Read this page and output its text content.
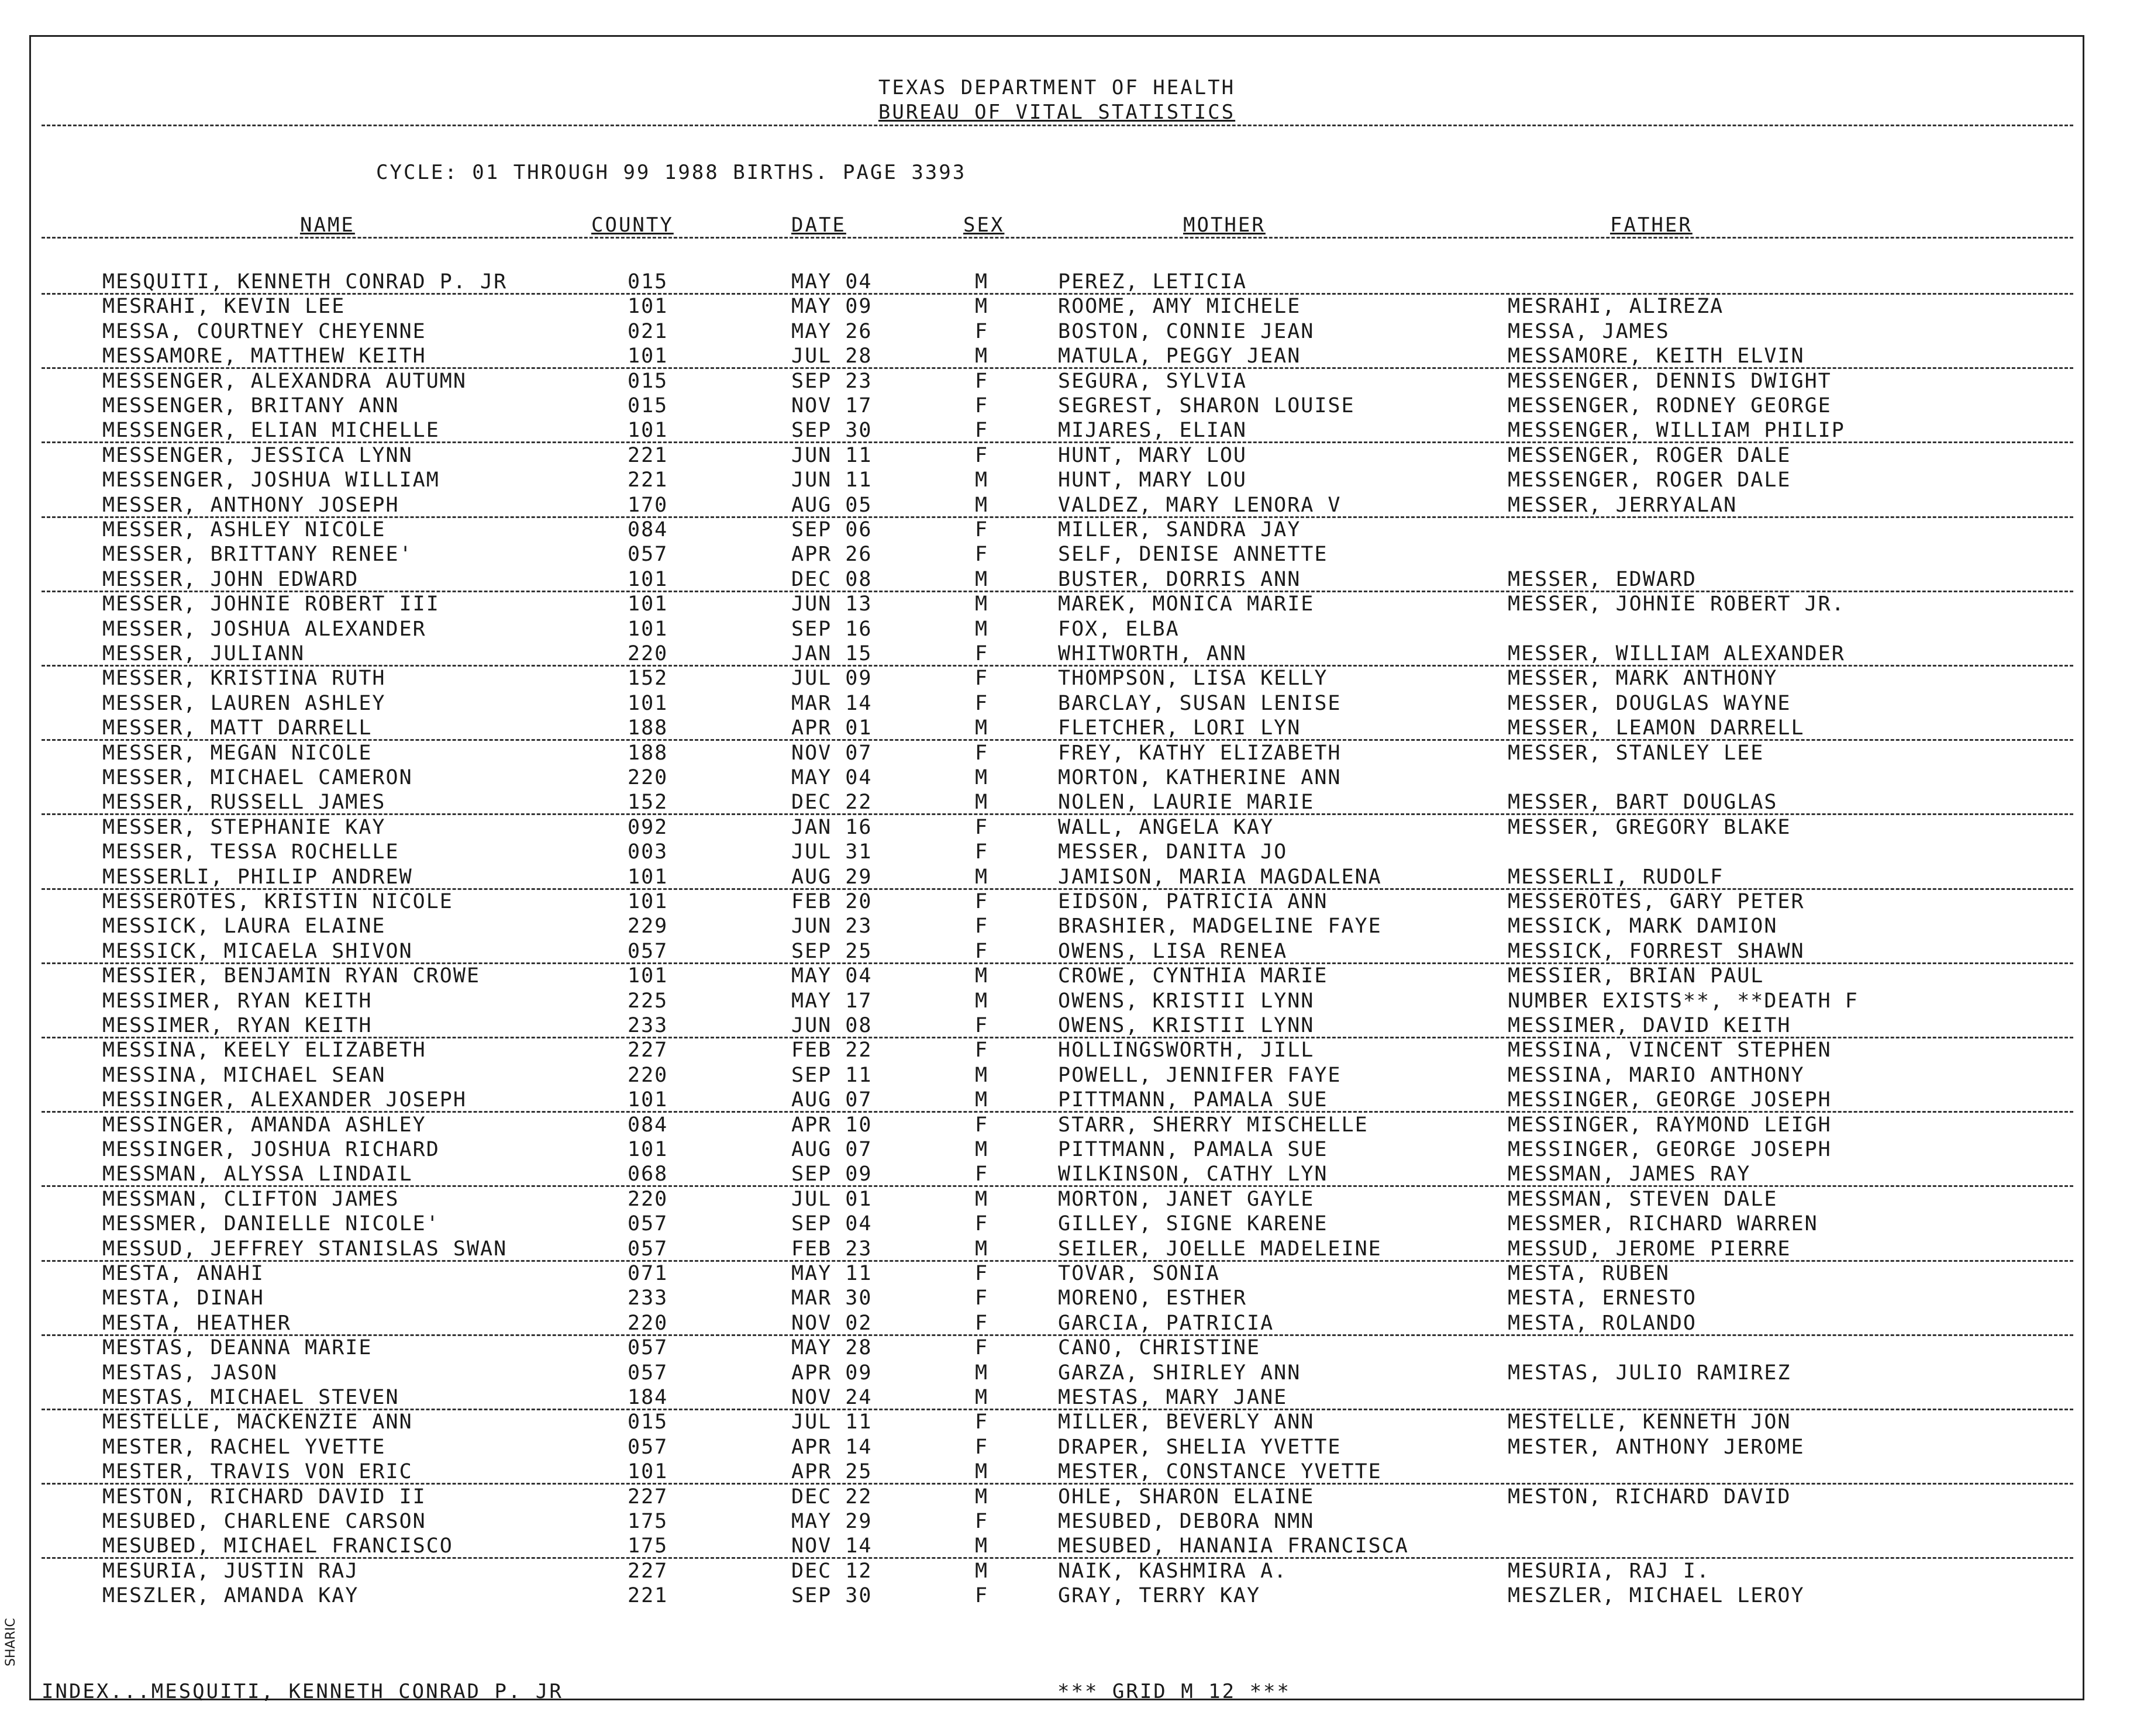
TEXAS DEPARTMENT OF HEALTH
BUREAU OF VITAL STATISTICS
CYCLE: 01 THROUGH 99 1988 BIRTHS. PAGE 3393
NAME	COUNTY	DATE	SEX	MOTHER	FATHER
MESQUITI, KENNETH CONRAD P. JR	015	MAY 04	M	PEREZ, LETICIA
MESRAHI, KEVIN LEE	101	MAY 09	M	ROOME, AMY MICHELE	MESRAHI, ALIREZA
MESSA, COURTNEY CHEYENNE	021	MAY 26	F	BOSTON, CONNIE JEAN	MESSA, JAMES
MESSAMORE, MATTHEW KEITH	101	JUL 28	M	MATULA, PEGGY JEAN	MESSAMORE, KEITH ELVIN
MESSENGER, ALEXANDRA AUTUMN	015	SEP 23	F	SEGURA, SYLVIA	MESSENGER, DENNIS DWIGHT
MESSENGER, BRITANY ANN	015	NOV 17	F	SEGREST, SHARON LOUISE	MESSENGER, RODNEY GEORGE
MESSENGER, ELIAN MICHELLE	101	SEP 30	F	MIJARES, ELIAN	MESSENGER, WILLIAM PHILIP
MESSENGER, JESSICA LYNN	221	JUN 11	F	HUNT, MARY LOU	MESSENGER, ROGER DALE
MESSENGER, JOSHUA WILLIAM	221	JUN 11	M	HUNT, MARY LOU	MESSENGER, ROGER DALE
MESSER, ANTHONY JOSEPH	170	AUG 05	M	VALDEZ, MARY LENORA V	MESSER, JERRYALAN
MESSER, ASHLEY NICOLE	084	SEP 06	F	MILLER, SANDRA JAY
MESSER, BRITTANY RENEE'	057	APR 26	F	SELF, DENISE ANNETTE
MESSER, JOHN EDWARD	101	DEC 08	M	BUSTER, DORRIS ANN	MESSER, EDWARD
MESSER, JOHNIE ROBERT III	101	JUN 13	M	MAREK, MONICA MARIE	MESSER, JOHNIE ROBERT JR.
MESSER, JOSHUA ALEXANDER	101	SEP 16	M	FOX, ELBA
MESSER, JULIANN	220	JAN 15	F	WHITWORTH, ANN	MESSER, WILLIAM ALEXANDER
MESSER, KRISTINA RUTH	152	JUL 09	F	THOMPSON, LISA KELLY	MESSER, MARK ANTHONY
MESSER, LAUREN ASHLEY	101	MAR 14	F	BARCLAY, SUSAN LENISE	MESSER, DOUGLAS WAYNE
MESSER, MATT DARRELL	188	APR 01	M	FLETCHER, LORI LYN	MESSER, LEAMON DARRELL
MESSER, MEGAN NICOLE	188	NOV 07	F	FREY, KATHY ELIZABETH	MESSER, STANLEY LEE
MESSER, MICHAEL CAMERON	220	MAY 04	M	MORTON, KATHERINE ANN
MESSER, RUSSELL JAMES	152	DEC 22	M	NOLEN, LAURIE MARIE	MESSER, BART DOUGLAS
MESSER, STEPHANIE KAY	092	JAN 16	F	WALL, ANGELA KAY	MESSER, GREGORY BLAKE
MESSER, TESSA ROCHELLE	003	JUL 31	F	MESSER, DANITA JO
MESSERLI, PHILIP ANDREW	101	AUG 29	M	JAMISON, MARIA MAGDALENA	MESSERLI, RUDOLF
MESSEROTES, KRISTIN NICOLE	101	FEB 20	F	EIDSON, PATRICIA ANN	MESSEROTES, GARY PETER
MESSICK, LAURA ELAINE	229	JUN 23	F	BRASHIER, MADGELINE FAYE	MESSICK, MARK DAMION
MESSICK, MICAELA SHIVON	057	SEP 25	F	OWENS, LISA RENEA	MESSICK, FORREST SHAWN
MESSIER, BENJAMIN RYAN CROWE	101	MAY 04	M	CROWE, CYNTHIA MARIE	MESSIER, BRIAN PAUL
MESSIMER, RYAN KEITH	225	MAY 17	M	OWENS, KRISTII LYNN	NUMBER EXISTS**, **DEATH F
MESSIMER, RYAN KEITH	233	JUN 08	F	OWENS, KRISTII LYNN	MESSIMER, DAVID KEITH
MESSINA, KEELY ELIZABETH	227	FEB 22	F	HOLLINGSWORTH, JILL	MESSINA, VINCENT STEPHEN
MESSINA, MICHAEL SEAN	220	SEP 11	M	POWELL, JENNIFER FAYE	MESSINA, MARIO ANTHONY
MESSINGER, ALEXANDER JOSEPH	101	AUG 07	M	PITTMANN, PAMALA SUE	MESSINGER, GEORGE JOSEPH
MESSINGER, AMANDA ASHLEY	084	APR 10	F	STARR, SHERRY MISCHELLE	MESSINGER, RAYMOND LEIGH
MESSINGER, JOSHUA RICHARD	101	AUG 07	M	PITTMANN, PAMALA SUE	MESSINGER, GEORGE JOSEPH
MESSMAN, ALYSSA LINDAIL	068	SEP 09	F	WILKINSON, CATHY LYN	MESSMAN, JAMES RAY
MESSMAN, CLIFTON JAMES	220	JUL 01	M	MORTON, JANET GAYLE	MESSMAN, STEVEN DALE
MESSMER, DANIELLE NICOLE'	057	SEP 04	F	GILLEY, SIGNE KARENE	MESSMER, RICHARD WARREN
MESSUD, JEFFREY STANISLAS SWAN	057	FEB 23	M	SEILER, JOELLE MADELEINE	MESSUD, JEROME PIERRE
MESTA, ANAHI	071	MAY 11	F	TOVAR, SONIA	MESTA, RUBEN
MESTA, DINAH	233	MAR 30	F	MORENO, ESTHER	MESTA, ERNESTO
MESTA, HEATHER	220	NOV 02	F	GARCIA, PATRICIA	MESTA, ROLANDO
MESTAS, DEANNA MARIE	057	MAY 28	F	CANO, CHRISTINE
MESTAS, JASON	057	APR 09	M	GARZA, SHIRLEY ANN	MESTAS, JULIO RAMIREZ
MESTAS, MICHAEL STEVEN	184	NOV 24	M	MESTAS, MARY JANE
MESTELLE, MACKENZIE ANN	015	JUL 11	F	MILLER, BEVERLY ANN	MESTELLE, KENNETH JON
MESTER, RACHEL YVETTE	057	APR 14	F	DRAPER, SHELIA YVETTE	MESTER, ANTHONY JEROME
MESTER, TRAVIS VON ERIC	101	APR 25	M	MESTER, CONSTANCE YVETTE
MESTON, RICHARD DAVID II	227	DEC 22	M	OHLE, SHARON ELAINE	MESTON, RICHARD DAVID
MESUBED, CHARLENE CARSON	175	MAY 29	F	MESUBED, DEBORA NMN
MESUBED, MICHAEL FRANCISCO	175	NOV 14	M	MESUBED, HANANIA FRANCISCA
MESURIA, JUSTIN RAJ	227	DEC 12	M	NAIK, KASHMIRA A.	MESURIA, RAJ I.
MESZLER, AMANDA KAY	221	SEP 30	F	GRAY, TERRY KAY	MESZLER, MICHAEL LEROY
INDEX...MESQUITI, KENNETH CONRAD P. JR	*** GRID M 12 ***
SHARIC
